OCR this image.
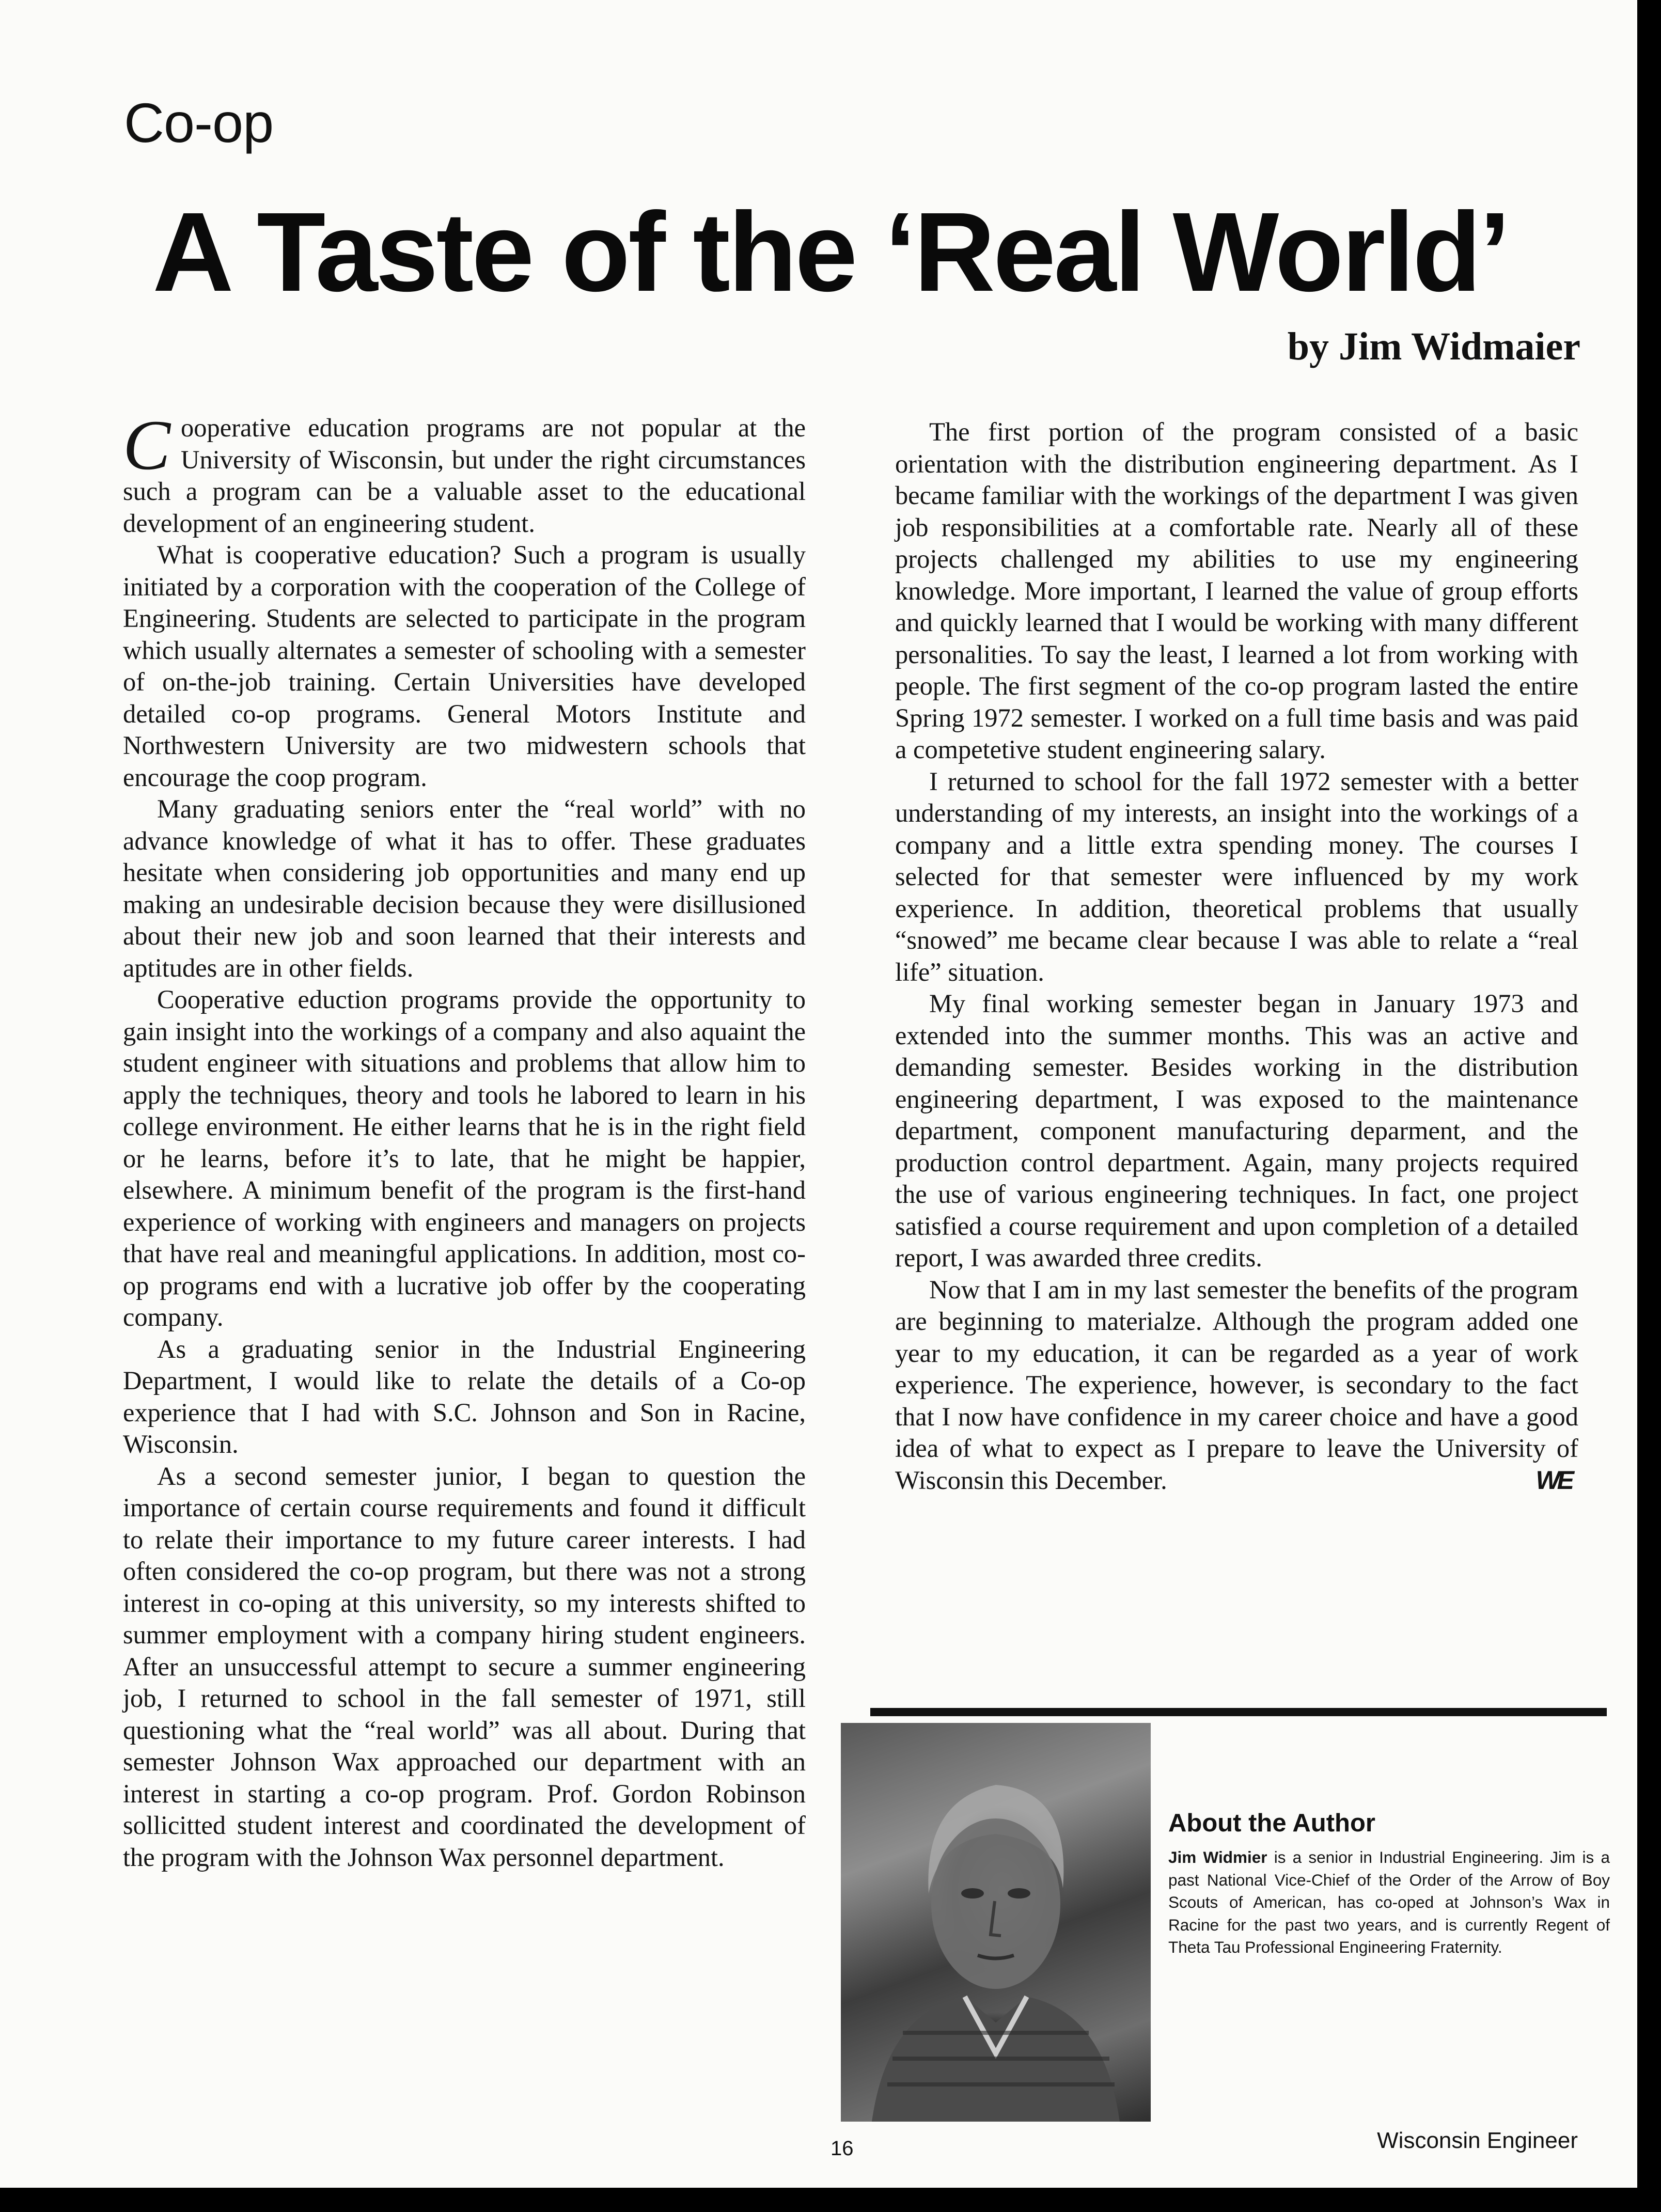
Co-op
A Taste of the ‘Real World’
by Jim Widmaier

Cooperative education programs are not popular at the University of Wisconsin, but under the right circumstances such a program can be a valuable asset to the educational development of an engineering student.

What is cooperative education? Such a program is usually initiated by a corporation with the cooperation of the College of Engineering. Students are selected to participate in the program which usually alternates a semester of schooling with a semester of on-the-job training. Certain Universities have developed detailed co-op programs. General Motors Institute and Northwestern University are two midwestern schools that encourage the coop program.

Many graduating seniors enter the “real world” with no advance knowledge of what it has to offer. These graduates hesitate when considering job opportunities and many end up making an undesirable decision because they were disillusioned about their new job and soon learned that their interests and aptitudes are in other fields.

Cooperative eduction programs provide the opportunity to gain insight into the workings of a company and also aquaint the student engineer with situations and problems that allow him to apply the techniques, theory and tools he labored to learn in his college environment. He either learns that he is in the right field or he learns, before it’s to late, that he might be happier, elsewhere. A minimum benefit of the program is the first-hand experience of working with engineers and managers on projects that have real and meaningful applications. In addition, most co-op programs end with a lucrative job offer by the cooperating company.

As a graduating senior in the Industrial Engineering Department, I would like to relate the details of a Co-op experience that I had with S.C. Johnson and Son in Racine, Wisconsin.

As a second semester junior, I began to question the importance of certain course requirements and found it difficult to relate their importance to my future career interests. I had often considered the co-op program, but there was not a strong interest in co-oping at this university, so my interests shifted to summer employment with a company hiring student engineers. After an unsuccessful attempt to secure a summer engineering job, I returned to school in the fall semester of 1971, still questioning what the “real world” was all about. During that semester Johnson Wax approached our department with an interest in starting a co-op program. Prof. Gordon Robinson sollicitted student interest and coordinated the development of the program with the Johnson Wax personnel department.

The first portion of the program consisted of a basic orientation with the distribution engineering department. As I became familiar with the workings of the department I was given job responsibilities at a comfortable rate. Nearly all of these projects challenged my abilities to use my engineering knowledge. More important, I learned the value of group efforts and quickly learned that I would be working with many different personalities. To say the least, I learned a lot from working with people. The first segment of the co-op program lasted the entire Spring 1972 semester. I worked on a full time basis and was paid a competetive student engineering salary.

I returned to school for the fall 1972 semester with a better understanding of my interests, an insight into the workings of a company and a little extra spending money. The courses I selected for that semester were influenced by my work experience. In addition, theoretical problems that usually “snowed” me became clear because I was able to relate a “real life” situation.

My final working semester began in January 1973 and extended into the summer months. This was an active and demanding semester. Besides working in the distribution engineering department, I was exposed to the maintenance department, component manufacturing deparment, and the production control department. Again, many projects required the use of various engineering techniques. In fact, one project satisfied a course requirement and upon completion of a detailed report, I was awarded three credits.

Now that I am in my last semester the benefits of the program are beginning to materialze. Although the program added one year to my education, it can be regarded as a year of work experience. The experience, however, is secondary to the fact that I now have confidence in my career choice and have a good idea of what to expect as I prepare to leave the University of Wisconsin this December.	WE

About the Author
Jim Widmier is a senior in Industrial Engineering. Jim is a past National Vice-Chief of the Order of the Arrow of Boy Scouts of American, has co-oped at Johnson’s Wax in Racine for the past two years, and is currently Regent of Theta Tau Professional Engineering Fraternity.
16	Wisconsin Engineer
